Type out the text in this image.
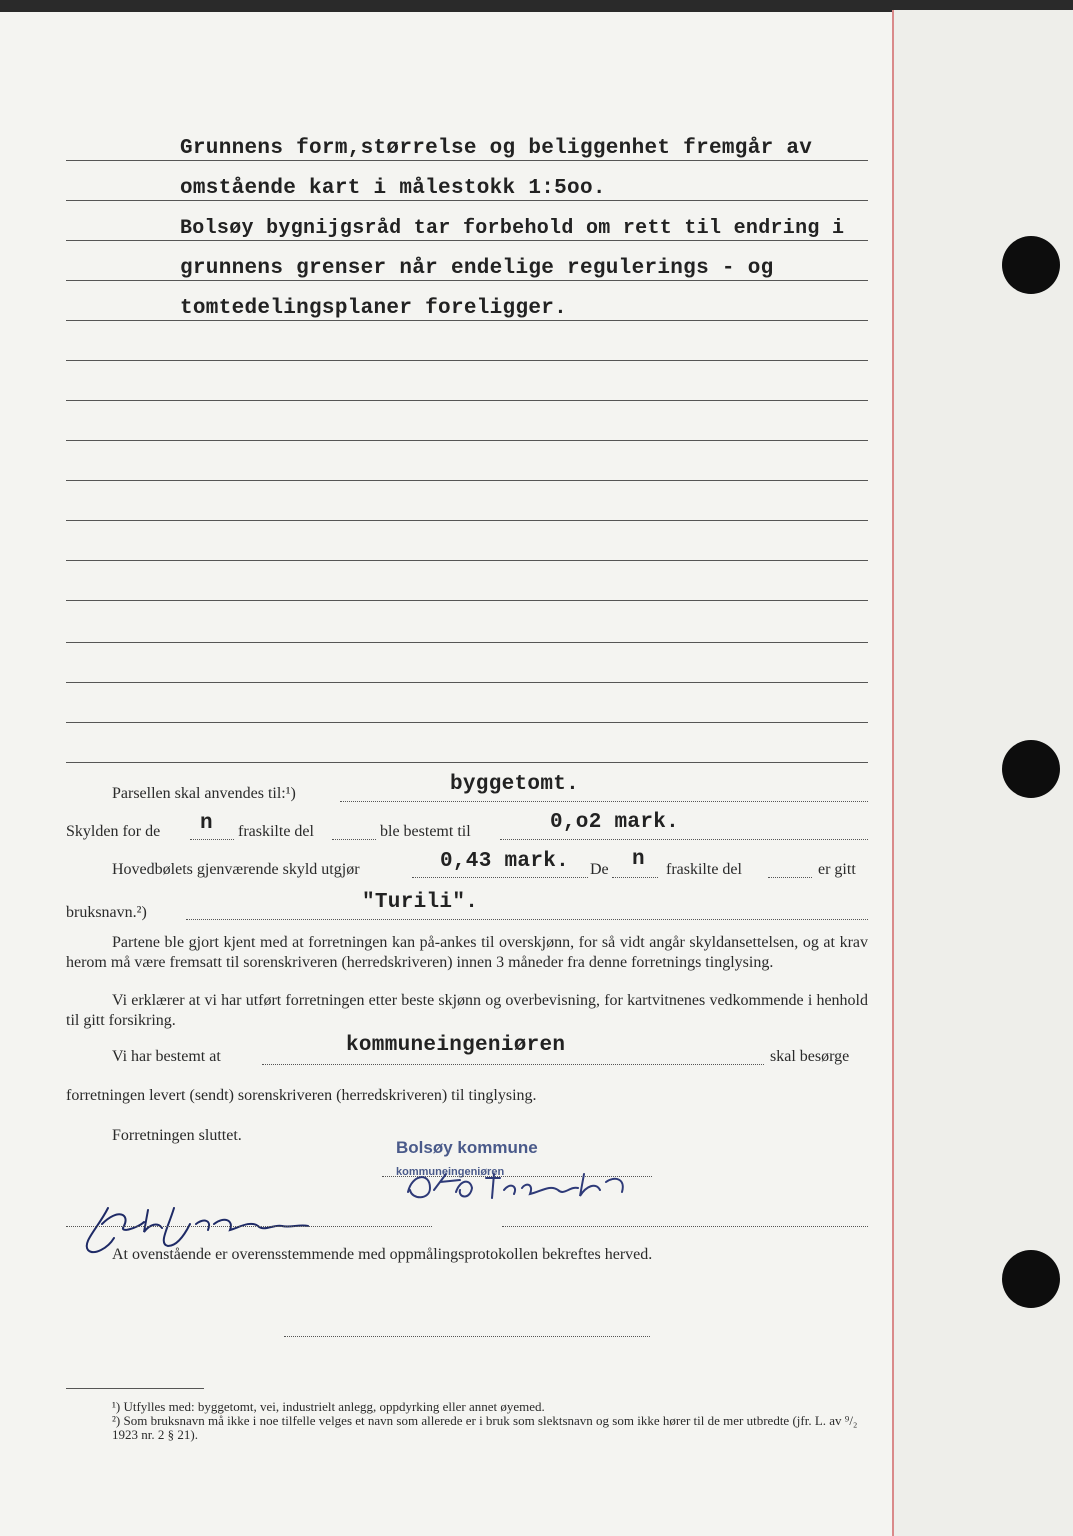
Grunnens form,størrelse og beliggenhet fremgår av
omstående kart i målestokk 1:5oo.
Bolsøy bygnijgsråd tar forbehold om rett til endring i
grunnens grenser når endelige regulerings - og
tomtedelingsplaner foreligger.
Parsellen skal anvendes til:¹)	byggetomt.
Skylden for de n fraskilte del	ble bestemt til	0,o2 mark.
Hovedbølets gjenværende skyld utgjør	0,43 mark. De n fraskilte del	er gitt
bruksnavn.²)	"Turili".
Partene ble gjort kjent med at forretningen kan på-ankes til overskjønn, for så vidt angår skyldansettelsen, og at krav herom må være fremsatt til sorenskriveren (herredskriveren) innen 3 måneder fra denne forretnings tinglysing.
Vi erklærer at vi har utført forretningen etter beste skjønn og overbevisning, for kartvitnenes vedkommende i henhold til gitt forsikring.
Vi har bestemt at	kommuneingeniøren	skal besørge
forretningen levert (sendt) sorenskriveren (herredskriveren) til tinglysing.
Forretningen sluttet.
Bolsøy kommune
kommuneingeniøren
At ovenstående er overensstemmende med oppmålingsprotokollen bekreftes herved.
¹) Utfylles med: byggetomt, vei, industrielt anlegg, oppdyrking eller annet øyemed.
²) Som bruksnavn må ikke i noe tilfelle velges et navn som allerede er i bruk som slektsnavn og som ikke hører til de mer utbredte (jfr. L. av ⁹/₂ 1923 nr. 2 § 21).
